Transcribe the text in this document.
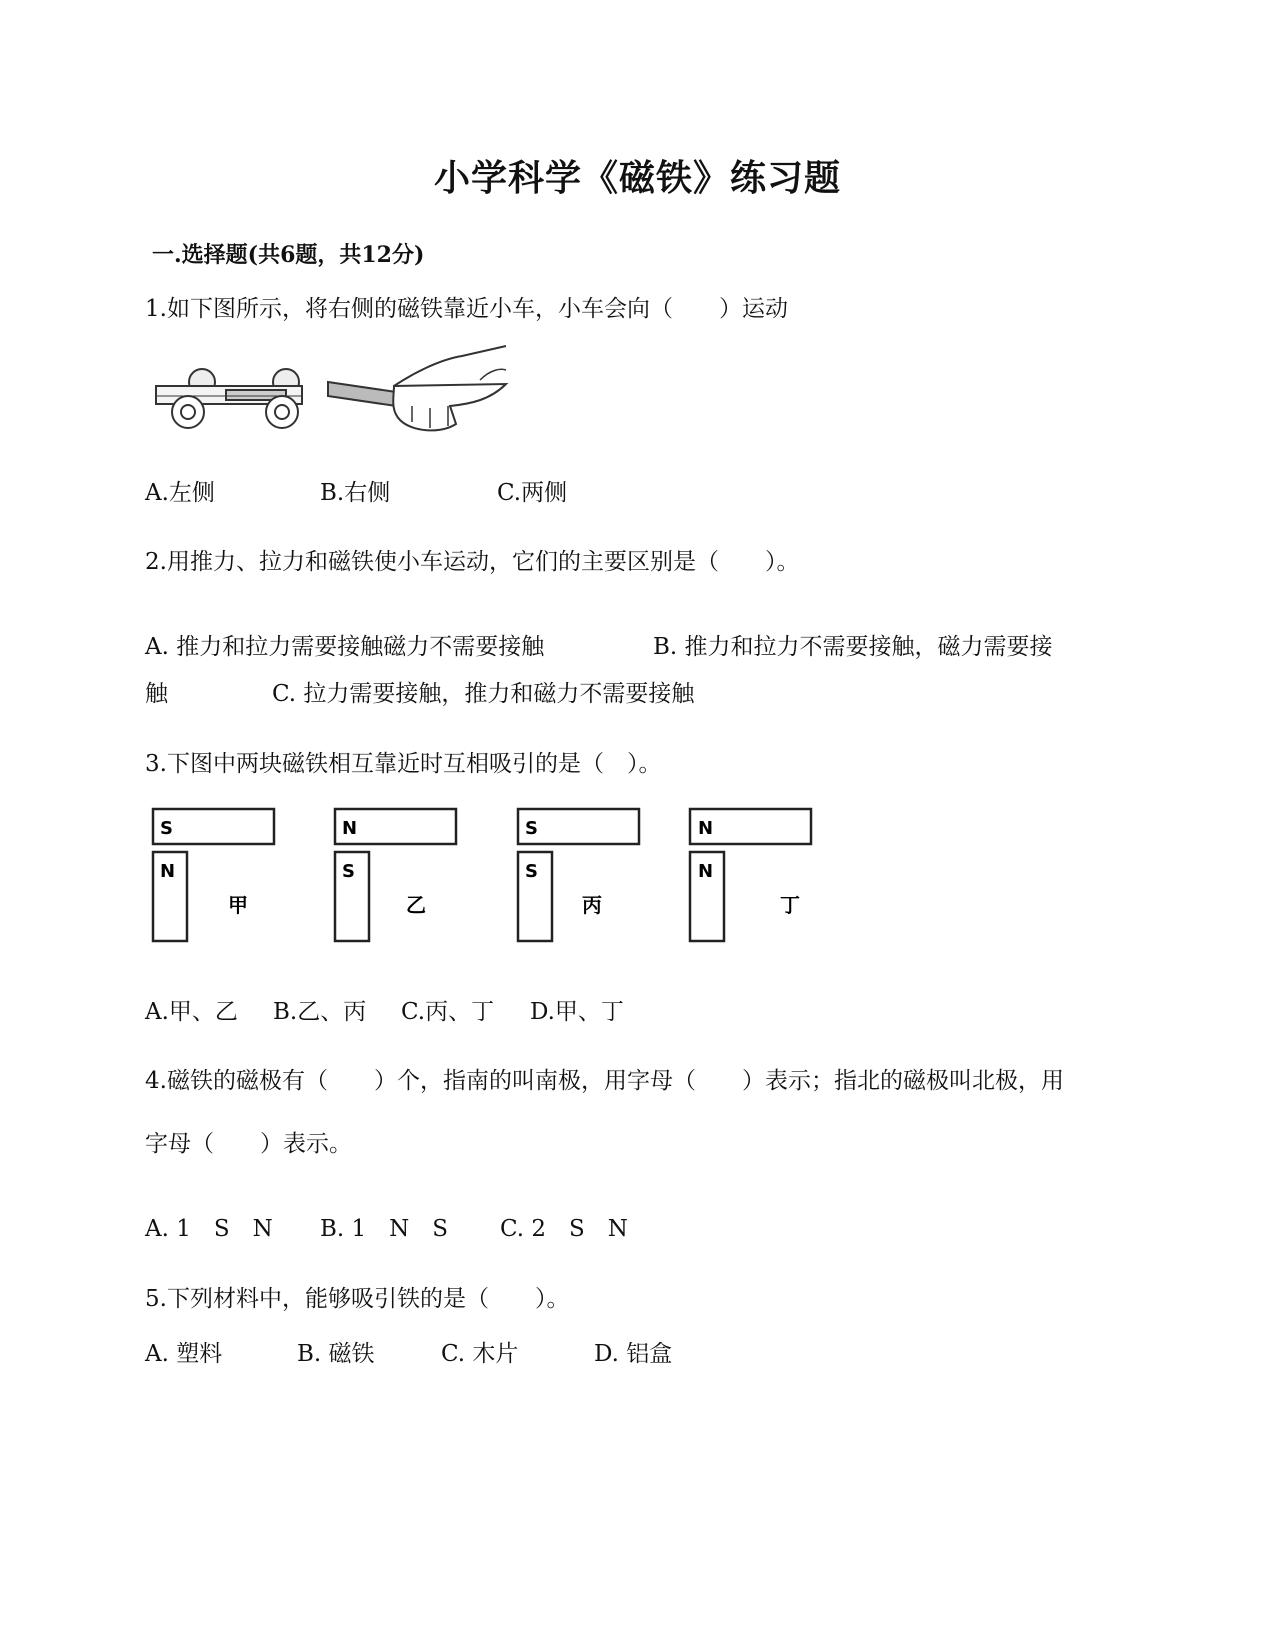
小学科学《磁铁》练习题
一.选择题(共6题，共12分)
1.如下图所示，将右侧的磁铁靠近小车，小车会向（　　）运动
A.左侧	B.右侧	C.两侧
2.用推力、拉力和磁铁使小车运动，它们的主要区别是（　　）。
A. 推力和拉力需要接触磁力不需要接触	B. 推力和拉力不需要接触，磁力需要接
触	C. 拉力需要接触，推力和磁力不需要接触
3.下图中两块磁铁相互靠近时互相吸引的是（　）。
S
N
甲
N
S
乙
S
S
丙
N
N
丁
A.甲、乙 B.乙、丙 C.丙、丁 D.甲、丁
4.磁铁的磁极有（　　）个，指南的叫南极，用字母（　　）表示；指北的磁极叫北极，用
字母（　　）表示。
A. 1　S　N B. 1　N　S C. 2　S　N
5.下列材料中，能够吸引铁的是（　　）。
A. 塑料	B. 磁铁	C. 木片	D. 铝盒
